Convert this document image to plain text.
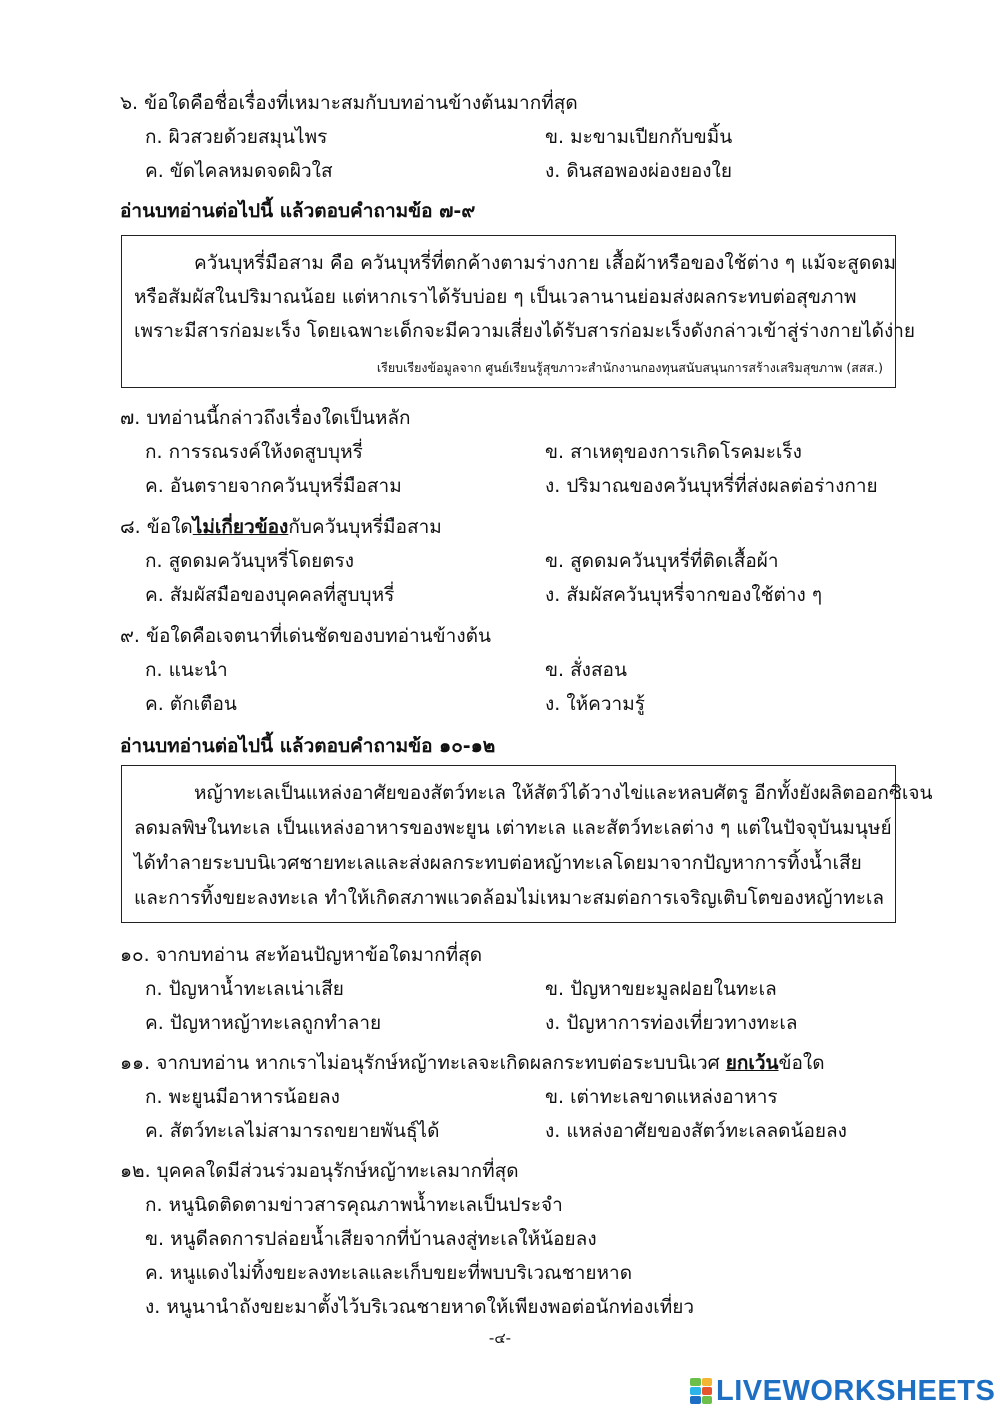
๖. ข้อใดคือชื่อเรื่องที่เหมาะสมกับบทอ่านข้างต้นมากที่สุด
ก. ผิวสวยด้วยสมุนไพร	ข. มะขามเปียกกับขมิ้น
ค. ขัดไคลหมดจดผิวใส	ง. ดินสอพองผ่องยองใย
อ่านบทอ่านต่อไปนี้ แล้วตอบคำถามข้อ ๗-๙
ควันบุหรี่มือสาม คือ ควันบุหรี่ที่ตกค้างตามร่างกาย เสื้อผ้าหรือของใช้ต่าง ๆ แม้จะสูดดม
หรือสัมผัสในปริมาณน้อย แต่หากเราได้รับบ่อย ๆ เป็นเวลานานย่อมส่งผลกระทบต่อสุขภาพ
เพราะมีสารก่อมะเร็ง โดยเฉพาะเด็กจะมีความเสี่ยงได้รับสารก่อมะเร็งดังกล่าวเข้าสู่ร่างกายได้ง่าย
เรียบเรียงข้อมูลจาก ศูนย์เรียนรู้สุขภาวะสำนักงานกองทุนสนับสนุนการสร้างเสริมสุขภาพ (สสส.)
๗. บทอ่านนี้กล่าวถึงเรื่องใดเป็นหลัก
ก. การรณรงค์ให้งดสูบบุหรี่	ข. สาเหตุของการเกิดโรคมะเร็ง
ค. อันตรายจากควันบุหรี่มือสาม	ง. ปริมาณของควันบุหรี่ที่ส่งผลต่อร่างกาย
๘. ข้อใดไม่เกี่ยวข้องกับควันบุหรี่มือสาม
ก. สูดดมควันบุหรี่โดยตรง	ข. สูดดมควันบุหรี่ที่ติดเสื้อผ้า
ค. สัมผัสมือของบุคคลที่สูบบุหรี่	ง. สัมผัสควันบุหรี่จากของใช้ต่าง ๆ
๙. ข้อใดคือเจตนาที่เด่นชัดของบทอ่านข้างต้น
ก. แนะนำ	ข. สั่งสอน
ค. ตักเตือน	ง. ให้ความรู้
อ่านบทอ่านต่อไปนี้ แล้วตอบคำถามข้อ ๑๐-๑๒
หญ้าทะเลเป็นแหล่งอาศัยของสัตว์ทะเล ให้สัตว์ได้วางไข่และหลบศัตรู อีกทั้งยังผลิตออกซิเจน
ลดมลพิษในทะเล เป็นแหล่งอาหารของพะยูน เต่าทะเล และสัตว์ทะเลต่าง ๆ แต่ในปัจจุบันมนุษย์
ได้ทำลายระบบนิเวศชายทะเลและส่งผลกระทบต่อหญ้าทะเลโดยมาจากปัญหาการทิ้งน้ำเสีย
และการทิ้งขยะลงทะเล ทำให้เกิดสภาพแวดล้อมไม่เหมาะสมต่อการเจริญเติบโตของหญ้าทะเล
๑๐. จากบทอ่าน สะท้อนปัญหาข้อใดมากที่สุด
ก. ปัญหาน้ำทะเลเน่าเสีย	ข. ปัญหาขยะมูลฝอยในทะเล
ค. ปัญหาหญ้าทะเลถูกทำลาย	ง. ปัญหาการท่องเที่ยวทางทะเล
๑๑. จากบทอ่าน หากเราไม่อนุรักษ์หญ้าทะเลจะเกิดผลกระทบต่อระบบนิเวศ ยกเว้นข้อใด
ก. พะยูนมีอาหารน้อยลง	ข. เต่าทะเลขาดแหล่งอาหาร
ค. สัตว์ทะเลไม่สามารถขยายพันธุ์ได้	ง. แหล่งอาศัยของสัตว์ทะเลลดน้อยลง
๑๒. บุคคลใดมีส่วนร่วมอนุรักษ์หญ้าทะเลมากที่สุด
ก. หนูนิดติดตามข่าวสารคุณภาพน้ำทะเลเป็นประจำ
ข. หนูดีลดการปล่อยน้ำเสียจากที่บ้านลงสู่ทะเลให้น้อยลง
ค. หนูแดงไม่ทิ้งขยะลงทะเลและเก็บขยะที่พบบริเวณชายหาด
ง. หนูนานำถังขยะมาตั้งไว้บริเวณชายหาดให้เพียงพอต่อนักท่องเที่ยว
-๔-
LIVEWORKSHEETS
